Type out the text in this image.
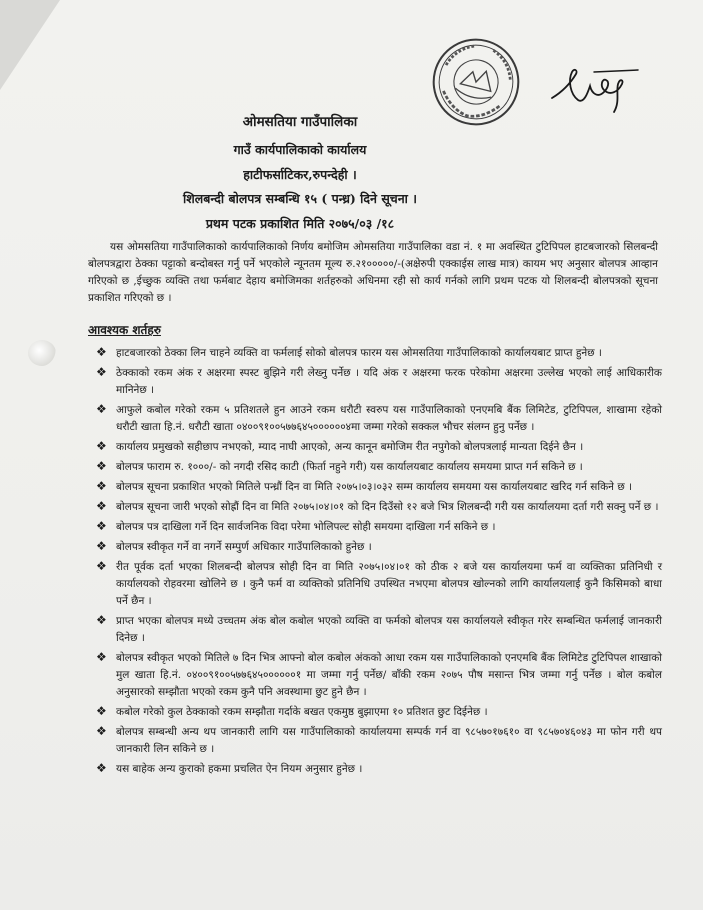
ओमसतिया गाउँपालिका

गाउँ कार्यपालिकाको कार्यालय

हाटीफर्साटिकर,रुपन्देही ।

शिलबन्दी बोलपत्र सम्बन्धि १५ ( पन्ध्र) दिने सूचना ।

प्रथम पटक प्रकाशित मिति २०७५/०३ /१८

यस ओमसतिया गाउँपालिकाको कार्यपालिकाको निर्णय बमोजिम ओमसतिया गाउँपालिका वडा नं. १ मा अवस्थित टुटिपिपल हाटबजारको सिलबन्दी बोलपत्रद्वारा ठेक्का पट्टाको बन्दोबस्त गर्नु पर्ने भएकोले न्यूनतम मूल्य रु.२१०००००/-(अक्षेरुपी एक्काईस लाख मात्र) कायम भए अनुसार बोलपत्र आव्हान गरिएको छ ,ईच्छुक व्यक्ति तथा फर्मबाट देहाय बमोजिमका शर्तहरुको अधिनमा रही सो कार्य गर्नको लागि प्रथम पटक यो शिलबन्दी बोलपत्रको सूचना प्रकाशित गरिएको छ ।

आवश्यक शर्तहरु

❖ हाटबजारको ठेक्का लिन चाहने व्यक्ति वा फर्मलाई सोको बोलपत्र फारम यस ओमसतिया गाउँपालिकाको कार्यालयबाट प्राप्त हुनेछ ।
❖ ठेक्काको रकम अंक र अक्षरमा स्पस्ट बुझिने गरी लेख्नु पर्नेछ । यदि अंक र अक्षरमा फरक परेकोमा अक्षरमा उल्लेख भएको लाई आधिकारीक मानिनेछ ।
❖ आफुले कबोल गरेको रकम ५ प्रतिशतले हुन आउने रकम धरौटी स्वरुप यस गाउँपालिकाको एनएमबि बैंक लिमिटेड, टुटिपिपल, शाखामा रहेको धरौटी खाता हि.नं. धरौटी खाता ०४००९१००५७७६४५००००००४मा जम्मा गरेको सक्कल भौचर संलग्न हुनु पर्नेछ ।
❖ कार्यालय प्रमुखको सहीछाप नभएको, म्याद नाघी आएको, अन्य कानून बमोजिम रीत नपुगेको बोलपत्रलाई मान्यता दिईने छैन ।
❖ बोलपत्र फाराम रु. १०००/- को नगदी रसिद काटी (फिर्ता नहुने गरी) यस कार्यालयबाट कार्यालय समयमा प्राप्त गर्न सकिने छ ।
❖ बोलपत्र सूचना प्रकाशित भएको मितिले पन्ध्रौं दिन वा मिति २०७५।०३।०३२ सम्म कार्यालय समयमा यस कार्यालयबाट खरिद गर्न सकिने छ ।
❖ बोलपत्र सूचना जारी भएको सोह्रौं दिन वा मिति २०७५।०४।०१ को दिन दिउँसो १२ बजे भित्र शिलबन्दी गरी यस कार्यालयमा दर्ता गरी सक्नु पर्ने छ ।
❖ बोलपत्र पत्र दाखिला गर्ने दिन सार्वजनिक विदा परेमा भोलिपल्ट सोही समयमा दाखिला गर्न सकिने छ ।
❖ बोलपत्र स्वीकृत गर्ने वा नगर्ने सम्पुर्ण अधिकार गाउँपालिकाको हुनेछ ।
❖ रीत पूर्वक दर्ता भएका शिलबन्दी बोलपत्र सोही दिन वा मिति २०७५।०४।०१ को ठीक २ बजे यस कार्यालयमा फर्म वा व्यक्तिका प्रतिनिधी र कार्यालयको रोहवरमा खोलिने छ । कुनै फर्म वा व्यक्तिको प्रतिनिधि उपस्थित नभएमा बोलपत्र खोल्नको लागि कार्यालयलाई कुनै किसिमको बाधा पर्ने छैन ।
❖ प्राप्त भएका बोलपत्र मध्ये उच्चतम अंक बोल कबोल भएको व्यक्ति वा फर्मको बोलपत्र यस कार्यालयले स्वीकृत गरेर सम्बन्धित फर्मलाई जानकारी दिनेछ ।
❖ बोलपत्र स्वीकृत भएको मितिले ७ दिन भित्र आफ्नो बोल कबोल अंकको आधा रकम यस गाउँपालिकाको एनएमबि बैंक लिमिटेड टुटिपिपल शाखाको मुल खाता हि.नं. ०४००९१००५७७६४५००००००१ मा जम्मा गर्नु पर्नेछ/ बाँकी रकम २०७५ पौष मसान्त भित्र जम्मा गर्नु पर्नेछ । बोल कबोल अनुसारको सम्झौता भएको रकम कुनै पनि अवस्थामा छुट हुने छैन ।
❖ कबोल गरेको कुल ठेक्काको रकम सम्झौता गर्दाके बखत एकमुष्ठ बुझाएमा १० प्रतिशत छुट दिईनेछ ।
❖ बोलपत्र सम्बन्धी अन्य थप जानकारी लागि यस गाउँपालिकाको कार्यालयमा सम्पर्क गर्न वा ९८५७०१७६१० वा ९८५७०४६०४३ मा फोन गरी थप जानकारी लिन सकिने छ ।
❖ यस बाहेक अन्य कुराको हकमा प्रचलित ऐन नियम अनुसार हुनेछ ।
